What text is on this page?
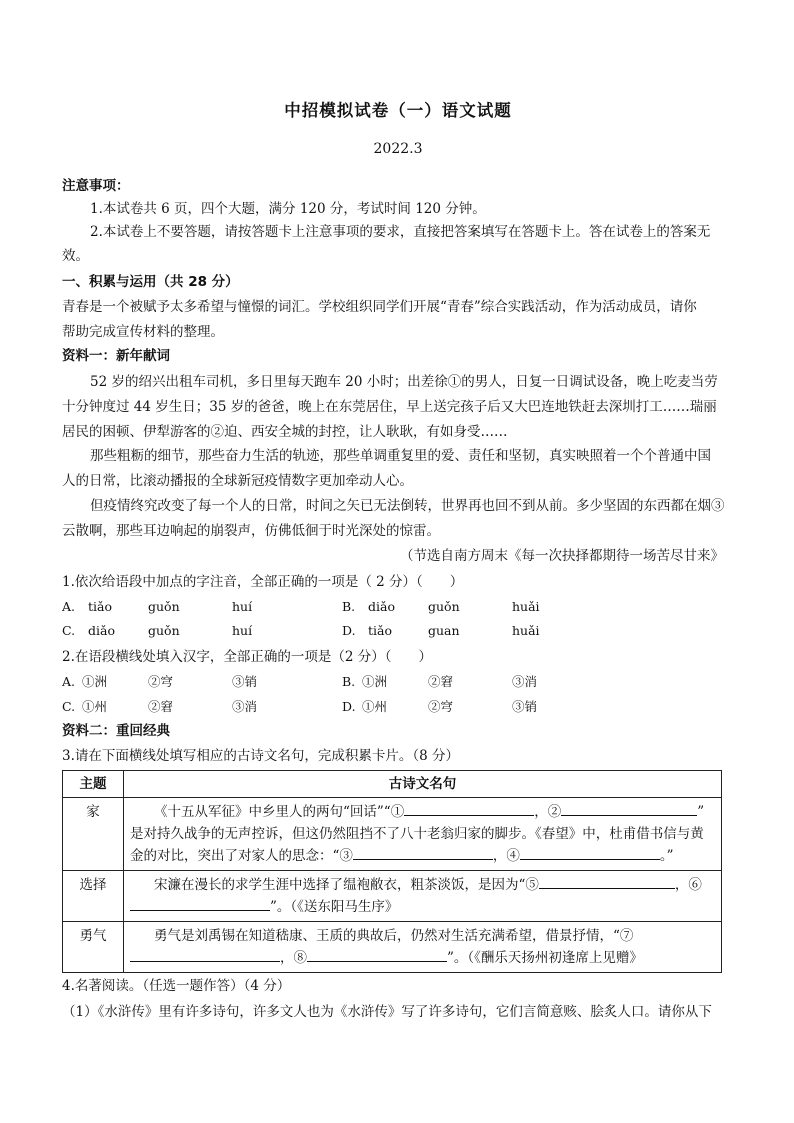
中招模拟试卷（一）语文试题
2022.3
注意事项：
1.本试卷共 6 页，四个大题，满分 120 分，考试时间 120 分钟。
2.本试卷上不要答题，请按答题卡上注意事项的要求，直接把答案填写在答题卡上。答在试卷上的答案无
效。
一、积累与运用（共 28 分）
青春是一个被赋予太多希望与憧憬的词汇。学校组织同学们开展“青春”综合实践活动，作为活动成员，请你
帮助完成宣传材料的整理。
资料一：新年献词
52 岁的绍兴出租车司机，多日里每天跑车 20 小时；出差徐①的男人，日复一日调试设备，晚上吃麦当劳
十分钟度过 44 岁生日；35 岁的爸爸，晚上在东莞居住，早上送完孩子后又大巴连地铁赶去深圳打工……瑞丽
居民的困顿、伊犁游客的②迫、西安全城的封控，让人耿耿，有如身受……
那些粗粝的细节，那些奋力生活的轨迹，那些单调重复里的爱、责任和坚韧，真实映照着一个个普通中国
人的日常，比滚动播报的全球新冠疫情数字更加牵动人心。
但疫情终究改变了每一个人的日常，时间之矢已无法倒转，世界再也回不到从前。多少坚固的东西都在烟③
云散啊，那些耳边响起的崩裂声，仿佛低徊于时光深处的惊雷。
（节选自南方周末《每一次抉择都期待一场苦尽甘来》
1.依次给语段中加点的字注音，全部正确的一项是（ 2 分）（　　）
A. tiǎo	guǒn	huí	B. diǎo	guǒn	huǎi
C. diǎo	guǒn	huí	D. tiǎo	guan	huǎi
2.在语段横线处填入汉字，全部正确的一项是（2 分）（　　）
A. ①洲	②穹	③销	B. ①洲	②窘	③消
C. ①州	②窘	③消	D. ①州	②穹	③销
资料二：重回经典
3.请在下面横线处填写相应的古诗文名句，完成积累卡片。（8 分）
主题	古诗文名句
家	《十五从军征》中乡里人的两句“回话”“① ，② ”
是对持久战争的无声控诉，但这仍然阻挡不了八十老翁归家的脚步。《春望》中，杜甫借书信与黄
金的对比，突出了对家人的思念：“③ ，④ 。”

选择	宋濂在漫长的求学生涯中选择了缊袍敝衣，粗茶淡饭，是因为“⑤ ，⑥
”。（《送东阳马生序》

勇气	勇气是刘禹锡在知道嵇康、王质的典故后，仍然对生活充满希望，借景抒情，“⑦
，⑧ ”。（《酬乐天扬州初逢席上见赠》
4.名著阅读。（任选一题作答）（4 分）
（1）《水浒传》里有许多诗句，许多文人也为《水浒传》写了许多诗句，它们言简意赅、脍炙人口。请你从下
